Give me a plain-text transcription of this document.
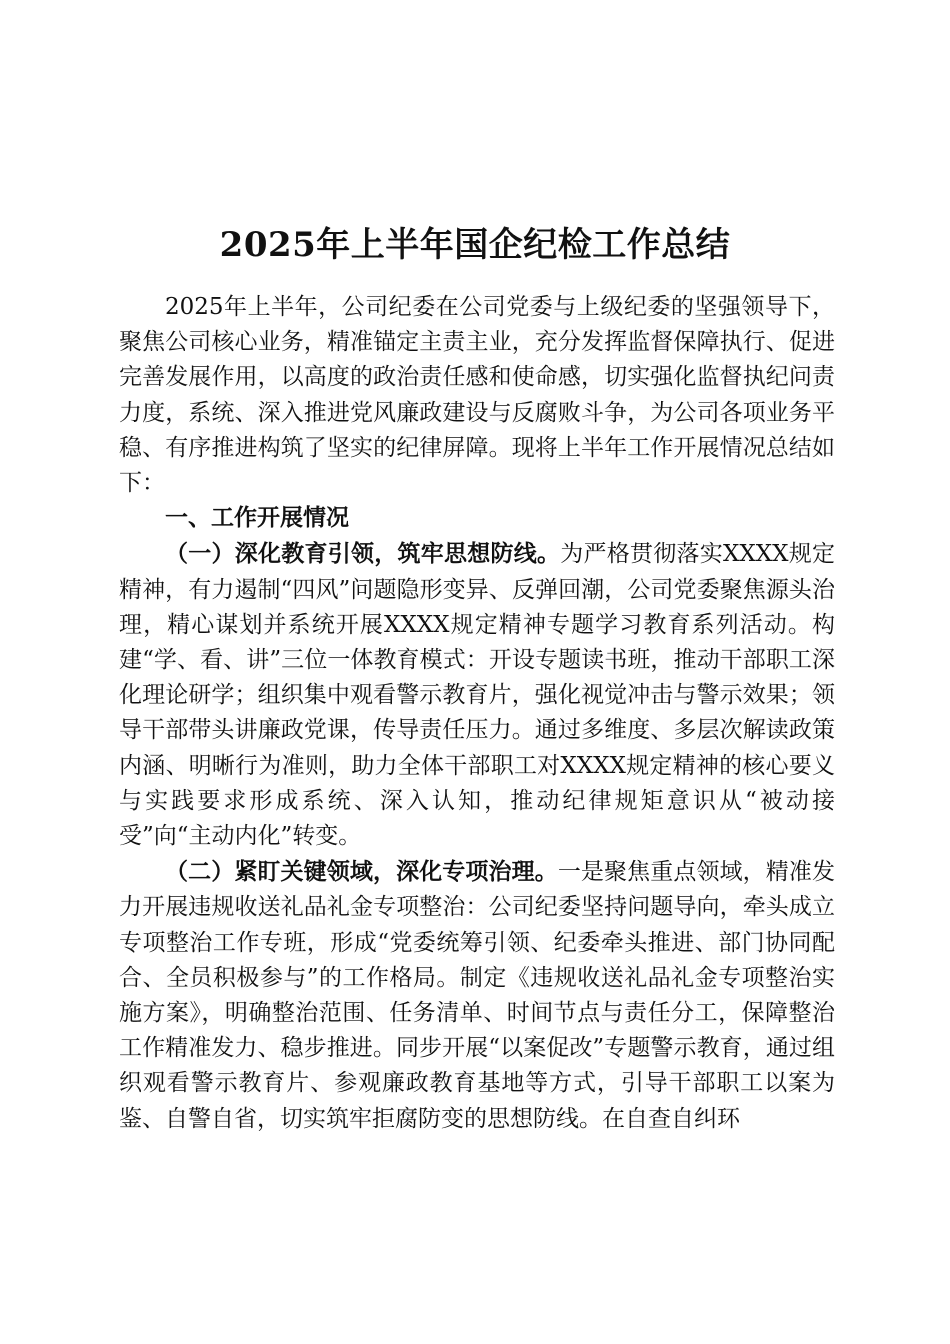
2025年上半年国企纪检工作总结

2025年上半年，公司纪委在公司党委与上级纪委的坚强领导下，聚焦公司核心业务，精准锚定主责主业，充分发挥监督保障执行、促进完善发展作用，以高度的政治责任感和使命感，切实强化监督执纪问责力度，系统、深入推进党风廉政建设与反腐败斗争，为公司各项业务平稳、有序推进构筑了坚实的纪律屏障。现将上半年工作开展情况总结如下：

一、工作开展情况

（一）深化教育引领，筑牢思想防线。为严格贯彻落实XXXX规定精神，有力遏制“四风”问题隐形变异、反弹回潮，公司党委聚焦源头治理，精心谋划并系统开展XXXX规定精神专题学习教育系列活动。构建“学、看、讲”三位一体教育模式：开设专题读书班，推动干部职工深化理论研学；组织集中观看警示教育片，强化视觉冲击与警示效果；领导干部带头讲廉政党课，传导责任压力。通过多维度、多层次解读政策内涵、明晰行为准则，助力全体干部职工对XXXX规定精神的核心要义与实践要求形成系统、深入认知，推动纪律规矩意识从“被动接受”向“主动内化”转变。

（二）紧盯关键领域，深化专项治理。一是聚焦重点领域，精准发力开展违规收送礼品礼金专项整治：公司纪委坚持问题导向，牵头成立专项整治工作专班，形成“党委统筹引领、纪委牵头推进、部门协同配合、全员积极参与”的工作格局。制定《违规收送礼品礼金专项整治实施方案》，明确整治范围、任务清单、时间节点与责任分工，保障整治工作精准发力、稳步推进。同步开展“以案促改”专题警示教育，通过组织观看警示教育片、参观廉政教育基地等方式，引导干部职工以案为鉴、自警自省，切实筑牢拒腐防变的思想防线。在自查自纠环
